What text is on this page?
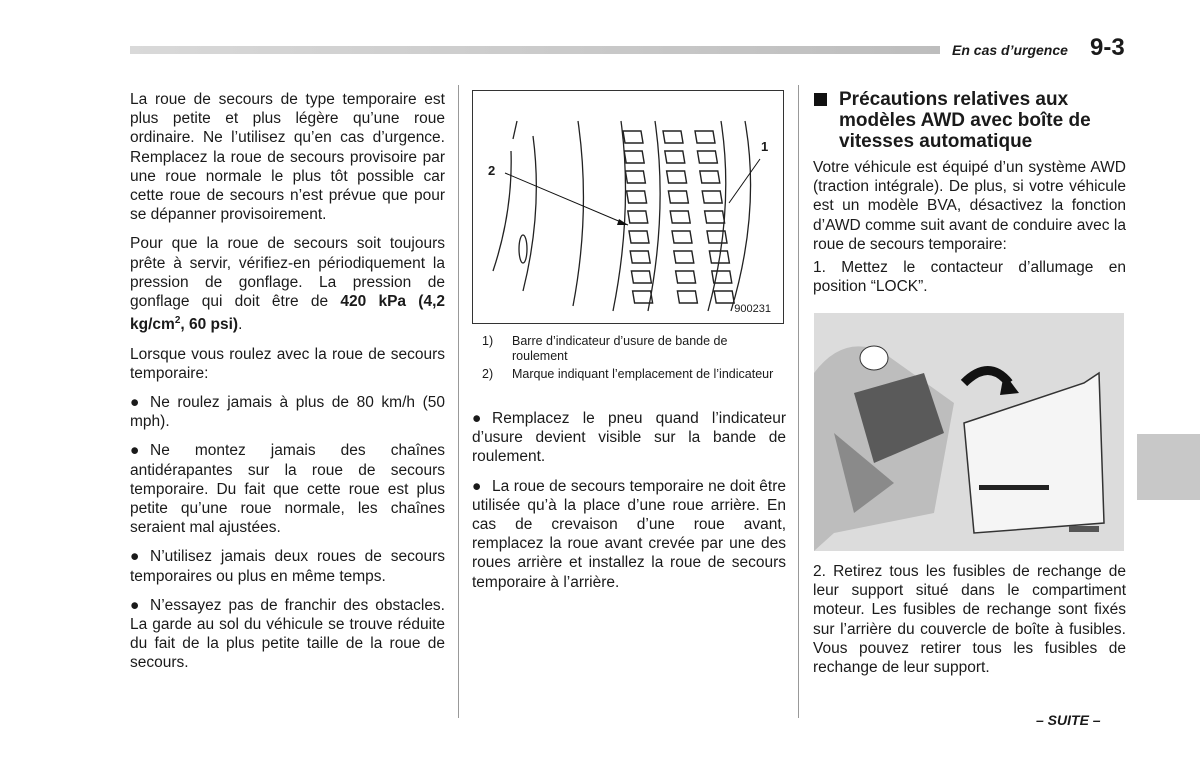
En cas d’urgence 9-3

La roue de secours de type temporaire est plus petite et plus légère qu’une roue ordinaire. Ne l’utilisez qu’en cas d’urgence. Remplacez la roue de secours provisoire par une roue normale le plus tôt possible car cette roue de secours n’est prévue que pour se dépanner provisoirement.

Pour que la roue de secours soit toujours prête à servir, vérifiez-en périodiquement la pression de gonflage. La pression de gonflage qui doit être de 420 kPa (4,2 $kg/cm^2$, 60 psi).

Lorsque vous roulez avec la roue de secours temporaire:

● Ne roulez jamais à plus de 80 km/h (50 mph).

● Ne montez jamais des chaînes antidérapantes sur la roue de secours temporaire. Du fait que cette roue est plus petite qu’une roue normale, les chaînes seraient mal ajustées.

● N’utilisez jamais deux roues de secours temporaires ou plus en même temps.

● N’essayez pas de franchir des obstacles. La garde au sol du véhicule se trouve réduite du fait de la plus petite taille de la roue de secours.

1
2
900231
1)	Barre d’indicateur d’usure de bande de roulement
2)	Marque indiquant l’emplacement de l’indicateur

● Remplacez le pneu quand l’indicateur d’usure devient visible sur la bande de roulement.

● La roue de secours temporaire ne doit être utilisée qu’à la place d’une roue arrière. En cas de crevaison d’une roue avant, remplacez la roue avant crevée par une des roues arrière et installez la roue de secours temporaire à l’arrière.

Précautions relatives aux modèles AWD avec boîte de vitesses automatique

Votre véhicule est équipé d’un système AWD (traction intégrale). De plus, si votre véhicule est un modèle BVA, désactivez la fonction d’AWD comme suit avant de conduire avec la roue de secours temporaire:

1. Mettez le contacteur d’allumage en position “LOCK”.

2. Retirez tous les fusibles de rechange de leur support situé dans le compartiment moteur. Les fusibles de rechange sont fixés sur l’arrière du couvercle de boîte à fusibles. Vous pouvez retirer tous les fusibles de rechange de leur support.

– SUITE –
